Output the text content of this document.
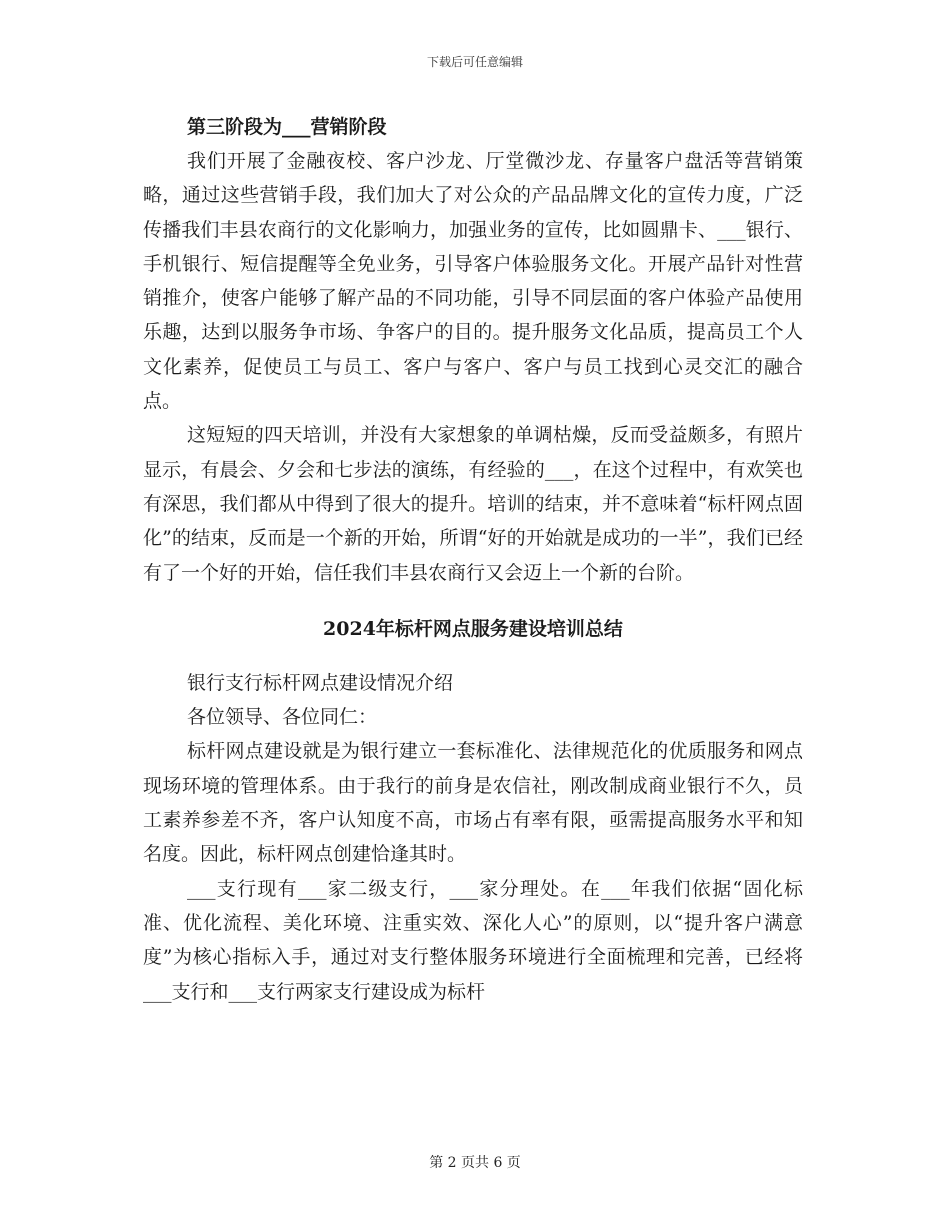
下载后可任意编辑

第三阶段为___营销阶段

我们开展了金融夜校、客户沙龙、厅堂微沙龙、存量客户盘活等营销策略，通过这些营销手段，我们加大了对公众的产品品牌文化的宣传力度，广泛传播我们丰县农商行的文化影响力，加强业务的宣传，比如圆鼎卡、___银行、手机银行、短信提醒等全免业务，引导客户体验服务文化。开展产品针对性营销推介，使客户能够了解产品的不同功能，引导不同层面的客户体验产品使用乐趣，达到以服务争市场、争客户的目的。提升服务文化品质，提高员工个人文化素养，促使员工与员工、客户与客户、客户与员工找到心灵交汇的融合点。

这短短的四天培训，并没有大家想象的单调枯燥，反而受益颇多，有照片显示，有晨会、夕会和七步法的演练，有经验的___，在这个过程中，有欢笑也有深思，我们都从中得到了很大的提升。培训的结束，并不意味着“标杆网点固化”的结束，反而是一个新的开始，所谓“好的开始就是成功的一半”，我们已经有了一个好的开始，信任我们丰县农商行又会迈上一个新的台阶。

2024年标杆网点服务建设培训总结

银行支行标杆网点建设情况介绍

各位领导、各位同仁：

标杆网点建设就是为银行建立一套标准化、法律规范化的优质服务和网点现场环境的管理体系。由于我行的前身是农信社，刚改制成商业银行不久，员工素养参差不齐，客户认知度不高，市场占有率有限，亟需提高服务水平和知名度。因此，标杆网点创建恰逢其时。

___支行现有___家二级支行，___家分理处。在___年我们依据“固化标准、优化流程、美化环境、注重实效、深化人心”的原则，以“提升客户满意度”为核心指标入手，通过对支行整体服务环境进行全面梳理和完善，已经将___支行和___支行两家支行建设成为标杆

第 2 页共 6 页
